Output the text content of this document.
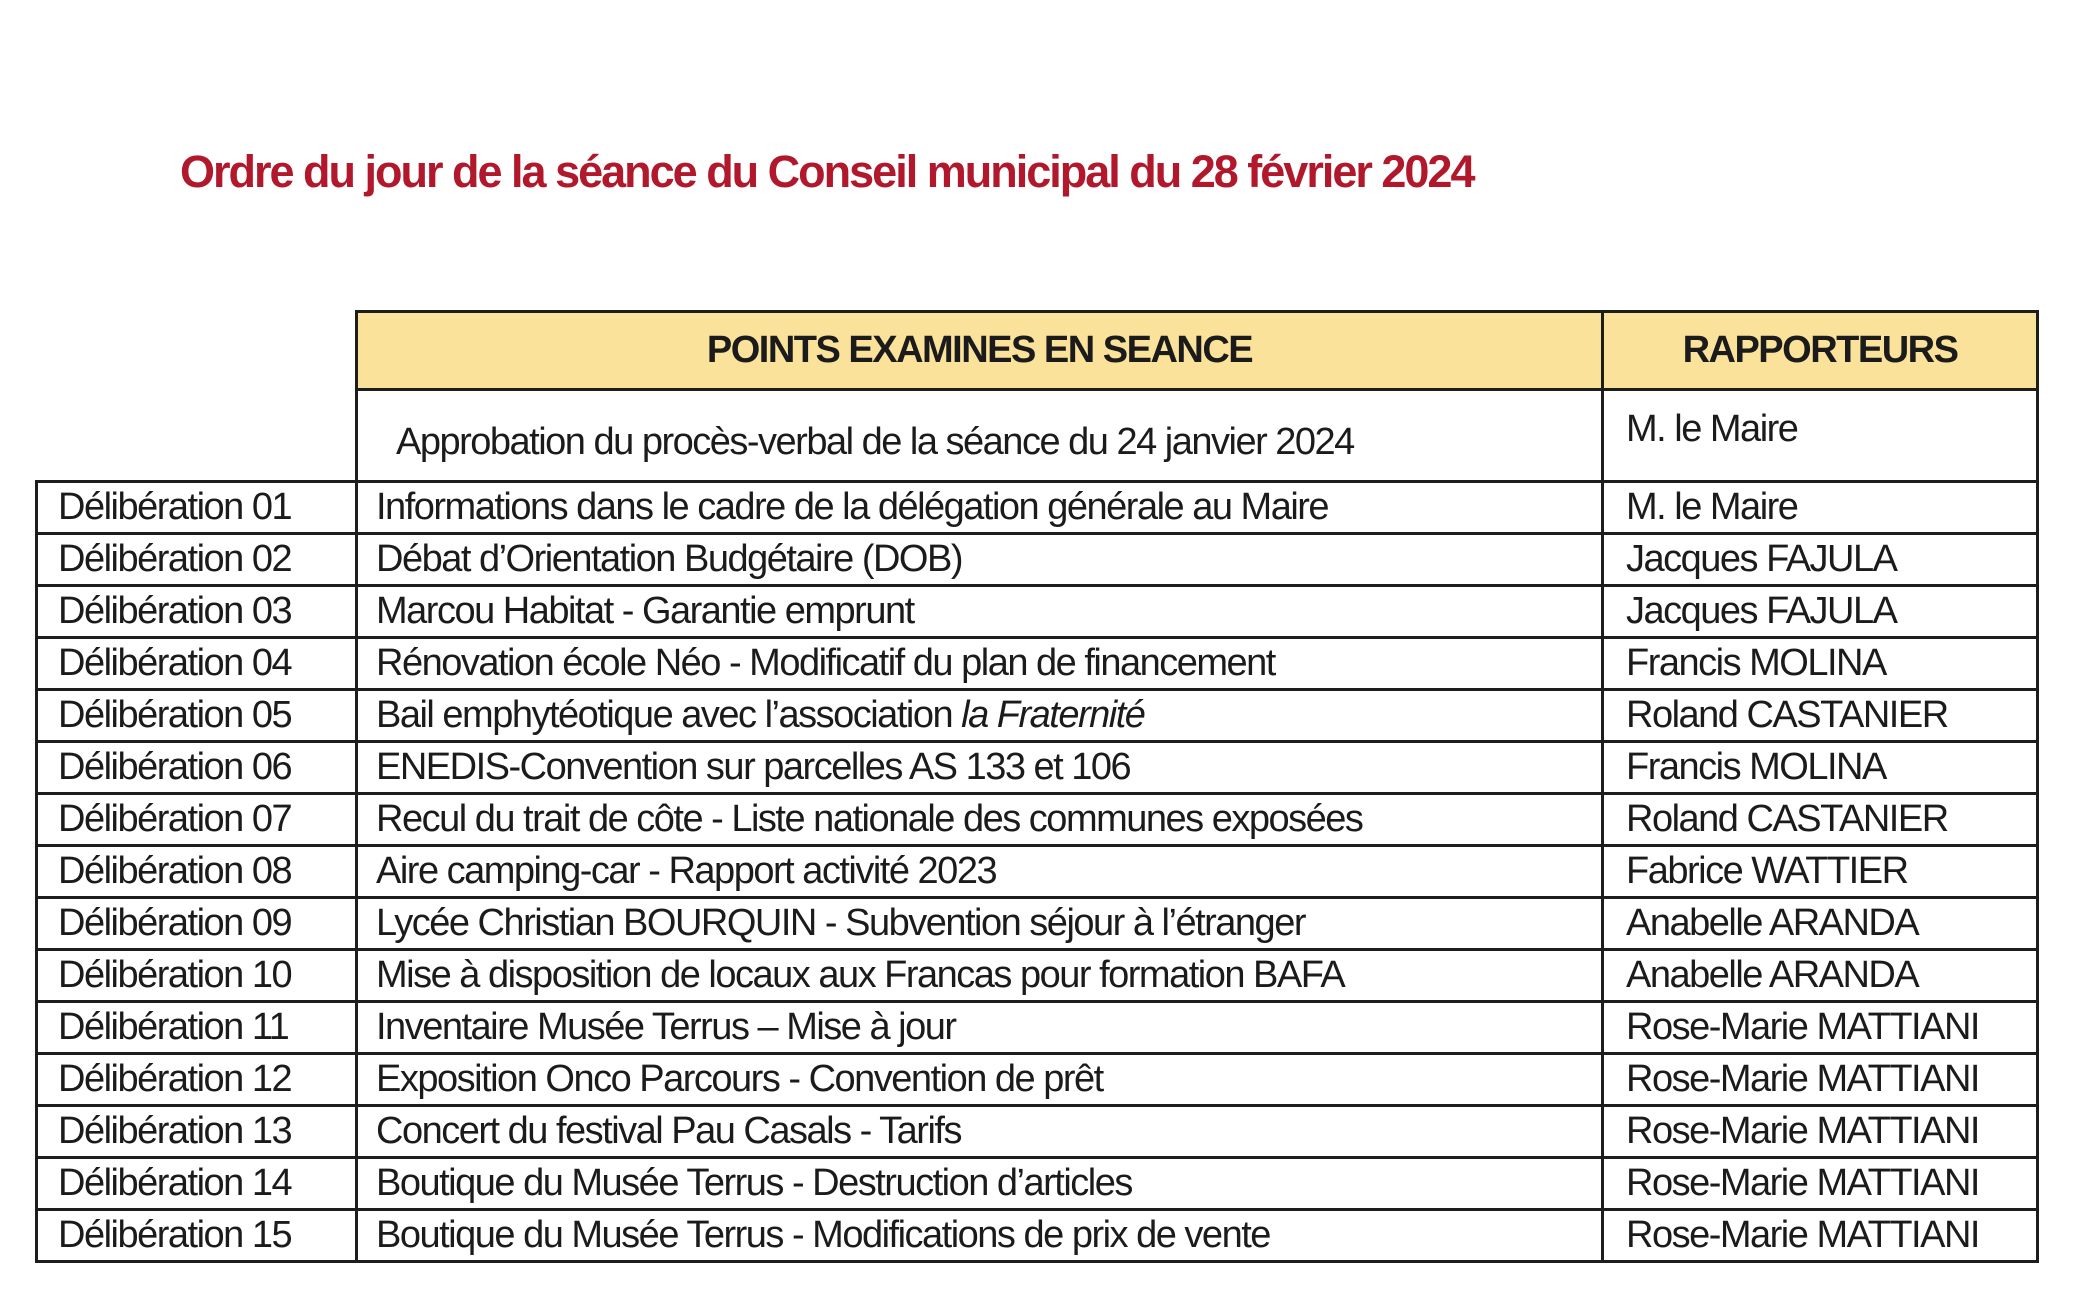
Ordre du jour de la séance du Conseil municipal du 28 février 2024
	POINTS EXAMINES EN SEANCE	RAPPORTEURS
	Approbation du procès-verbal de la séance du 24 janvier 2024	M. le Maire
Délibération 01	Informations dans le cadre de la délégation générale au Maire	M. le Maire
Délibération 02	Débat d’Orientation Budgétaire (DOB)	Jacques FAJULA
Délibération 03	Marcou Habitat - Garantie emprunt	Jacques FAJULA
Délibération 04	Rénovation école Néo - Modificatif du plan de financement	Francis MOLINA
Délibération 05	Bail emphytéotique avec l’association la Fraternité	Roland CASTANIER
Délibération 06	ENEDIS-Convention sur parcelles AS 133 et 106	Francis MOLINA
Délibération 07	Recul du trait de côte - Liste nationale des communes exposées	Roland CASTANIER
Délibération 08	Aire camping-car - Rapport activité 2023	Fabrice WATTIER
Délibération 09	Lycée Christian BOURQUIN - Subvention séjour à l’étranger	Anabelle ARANDA
Délibération 10	Mise à disposition de locaux aux Francas pour formation BAFA	Anabelle ARANDA
Délibération 11	Inventaire Musée Terrus – Mise à jour	Rose-Marie MATTIANI
Délibération 12	Exposition Onco Parcours - Convention de prêt	Rose-Marie MATTIANI
Délibération 13	Concert du festival Pau Casals - Tarifs	Rose-Marie MATTIANI
Délibération 14	Boutique du Musée Terrus - Destruction d’articles	Rose-Marie MATTIANI
Délibération 15	Boutique du Musée Terrus - Modifications de prix de vente	Rose-Marie MATTIANI
